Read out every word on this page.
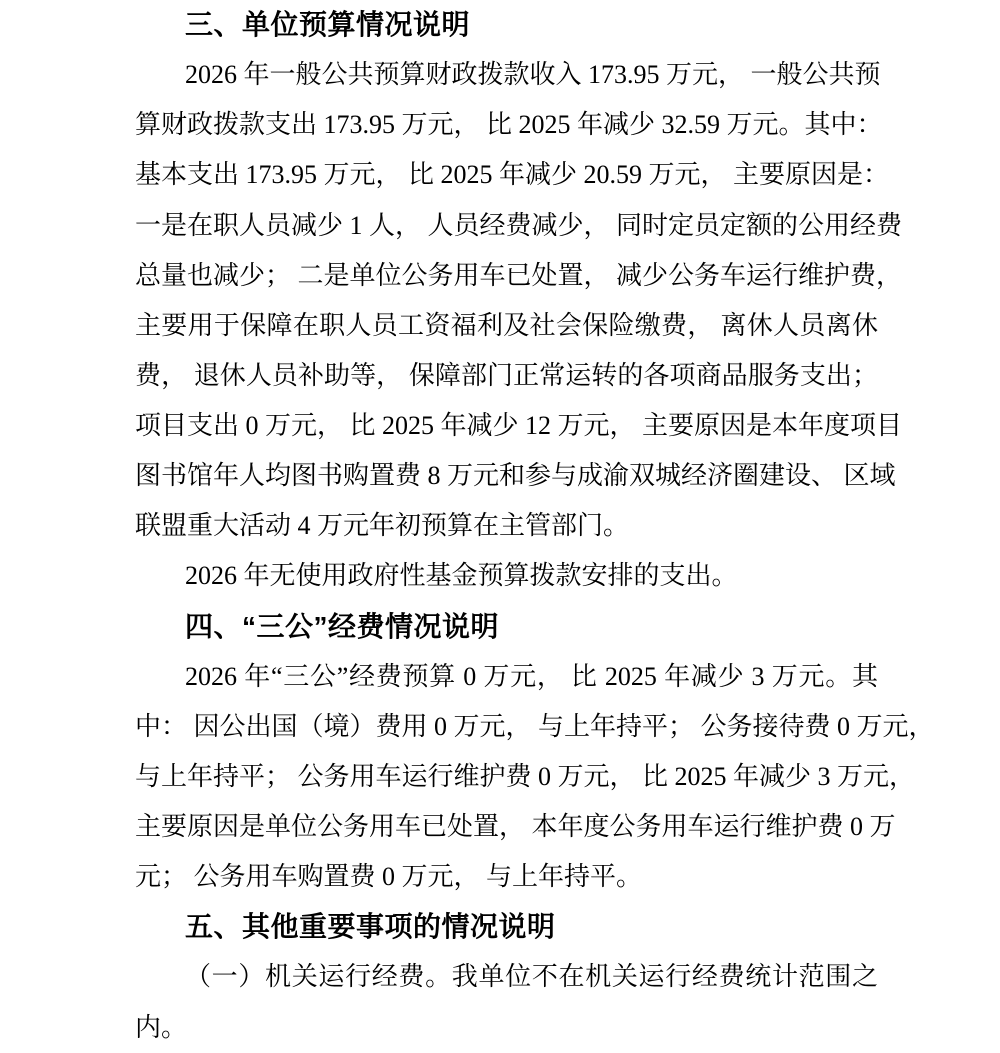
三、单位预算情况说明
2026 年一般公共预算财政拨款收入 173.95 万元， 一般公共预
算财政拨款支出 173.95 万元， 比 2025 年减少 32.59 万元。其中：
基本支出 173.95 万元， 比 2025 年减少 20.59 万元， 主要原因是：
一是在职人员减少 1 人， 人员经费减少， 同时定员定额的公用经费
总量也减少； 二是单位公务用车已处置， 减少公务车运行维护费，
主要用于保障在职人员工资福利及社会保险缴费， 离休人员离休
费， 退休人员补助等， 保障部门正常运转的各项商品服务支出；
项目支出 0 万元， 比 2025 年减少 12 万元， 主要原因是本年度项目
图书馆年人均图书购置费 8 万元和参与成渝双城经济圈建设、 区域
联盟重大活动 4 万元年初预算在主管部门。
2026 年无使用政府性基金预算拨款安排的支出。
四、“三公”经费情况说明
2026 年“三公”经费预算 0 万元， 比 2025 年减少 3 万元。其
中： 因公出国（境）费用 0 万元， 与上年持平； 公务接待费 0 万元，
与上年持平； 公务用车运行维护费 0 万元， 比 2025 年减少 3 万元，
主要原因是单位公务用车已处置， 本年度公务用车运行维护费 0 万
元； 公务用车购置费 0 万元， 与上年持平。
五、其他重要事项的情况说明
（一）机关运行经费。我单位不在机关运行经费统计范围之
内。
